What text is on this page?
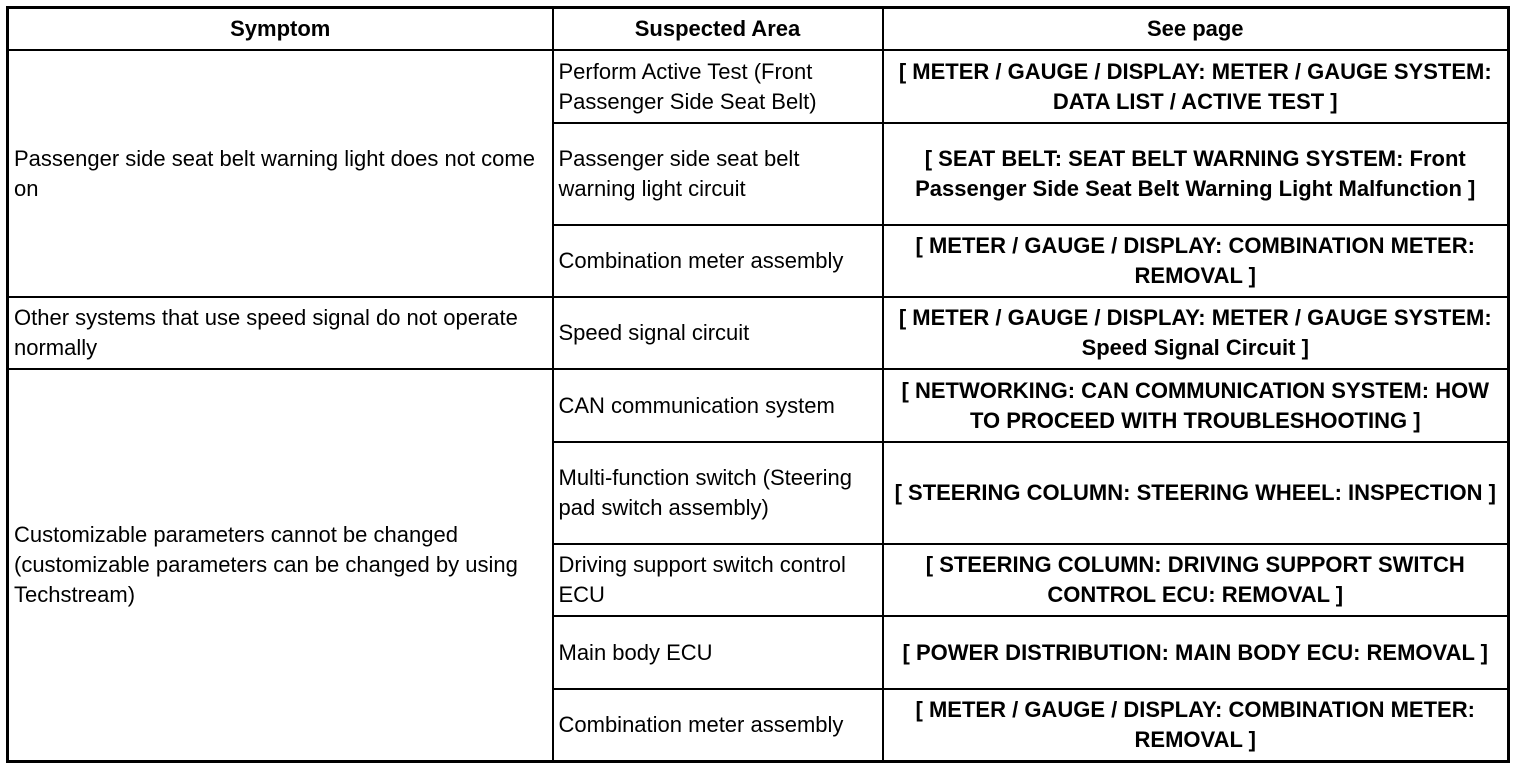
Symptom	Suspected Area	See page
Passenger side seat belt warning light does not come on	Perform Active Test (Front Passenger Side Seat Belt)	[ METER / GAUGE / DISPLAY: METER / GAUGE SYSTEM: DATA LIST / ACTIVE TEST ]
	Passenger side seat belt warning light circuit	[ SEAT BELT: SEAT BELT WARNING SYSTEM: Front Passenger Side Seat Belt Warning Light Malfunction ]
	Combination meter assembly	[ METER / GAUGE / DISPLAY: COMBINATION METER: REMOVAL ]
Other systems that use speed signal do not operate normally	Speed signal circuit	[ METER / GAUGE / DISPLAY: METER / GAUGE SYSTEM: Speed Signal Circuit ]
Customizable parameters cannot be changed (customizable parameters can be changed by using Techstream)	CAN communication system	[ NETWORKING: CAN COMMUNICATION SYSTEM: HOW TO PROCEED WITH TROUBLESHOOTING ]
	Multi-function switch (Steering pad switch assembly)	[ STEERING COLUMN: STEERING WHEEL: INSPECTION ]
	Driving support switch control ECU	[ STEERING COLUMN: DRIVING SUPPORT SWITCH CONTROL ECU: REMOVAL ]
	Main body ECU	[ POWER DISTRIBUTION: MAIN BODY ECU: REMOVAL ]
	Combination meter assembly	[ METER / GAUGE / DISPLAY: COMBINATION METER: REMOVAL ]
